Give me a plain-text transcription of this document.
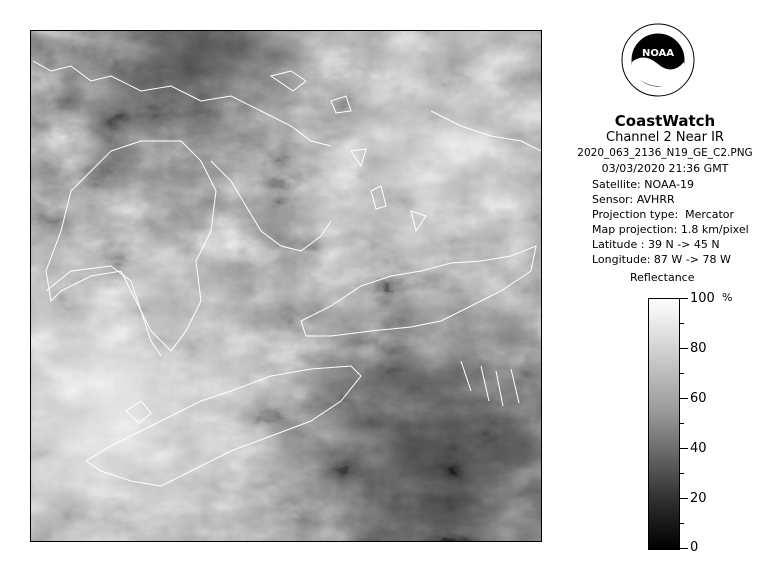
NOAA
CoastWatch
Channel 2 Near IR
2020_063_2136_N19_GE_C2.PNG
03/03/2020 21:36 GMT
Satellite: NOAA-19
Sensor: AVHRR
Projection type:  Mercator
Map projection: 1.8 km/pixel
Latitude : 39 N -> 45 N
Longitude: 87 W -> 78 W
Reflectance
%
100
80
60
40
20
0
